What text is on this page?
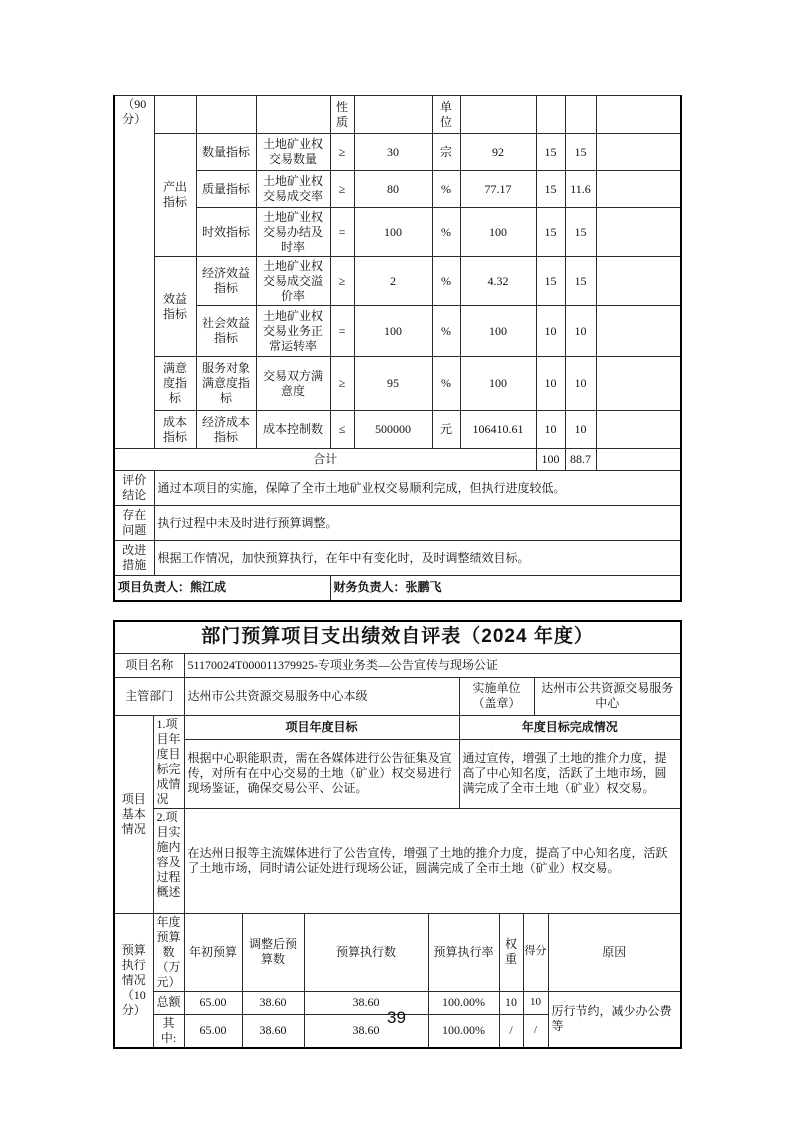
（90分）				性质		单位				
	产出指标	数量指标	土地矿业权交易数量	≥	30	宗	92	15	15	
		质量指标	土地矿业权交易成交率	≥	80	%	77.17	15	11.6	
		时效指标	土地矿业权交易办结及时率	=	100	%	100	15	15	
	效益指标	经济效益指标	土地矿业权交易成交溢价率	≥	2	%	4.32	15	15	
		社会效益指标	土地矿业权交易业务正常运转率	=	100	%	100	10	10	
	满意度指标	服务对象满意度指标	交易双方满意度	≥	95	%	100	10	10	
	成本指标	经济成本指标	成本控制数	≤	500000	元	106410.61	10	10	
合计								100	88.7	
评价结论	通过本项目的实施，保障了全市土地矿业权交易顺利完成，但执行进度较低。									
存在问题	执行过程中未及时进行预算调整。									
改进措施	根据工作情况，加快预算执行，在年中有变化时，及时调整绩效目标。									
项目负责人：熊江成				财务负责人：张鹏飞						
部门预算项目支出绩效自评表（2024 年度）										
项目名称		51170024T000011379925-专项业务类—公告宣传与现场公证								
主管部门		达州市公共资源交易服务中心本级				实施单位（盖章）			达州市公共资源交易服务中心	
项目基本情况	1.项目年度目标完成情况	项目年度目标				年度目标完成情况				
		根据中心职能职责，需在各媒体进行公告征集及宣传，对所有在中心交易的土地（矿业）权交易进行现场鉴证，确保交易公平、公证。				通过宣传，增强了土地的推介力度，提高了中心知名度，活跃了土地市场，圆满完成了全市土地（矿业）权交易。				
	2.项目实施内容及过程概述	在达州日报等主流媒体进行了公告宣传，增强了土地的推介力度，提高了中心知名度，活跃了土地市场，同时请公证处进行现场公证，圆满完成了全市土地（矿业）权交易。								
预算执行情况（10分）	年度预算数（万元）	年初预算	调整后预算数	预算执行数	预算执行率		权重	得分		原因
	总额	65.00	38.60	38.60	100.00%		10	10		厉行节约，减少办公费等
	其中:	65.00	38.60	38.60	100.00%		/	/		
39
